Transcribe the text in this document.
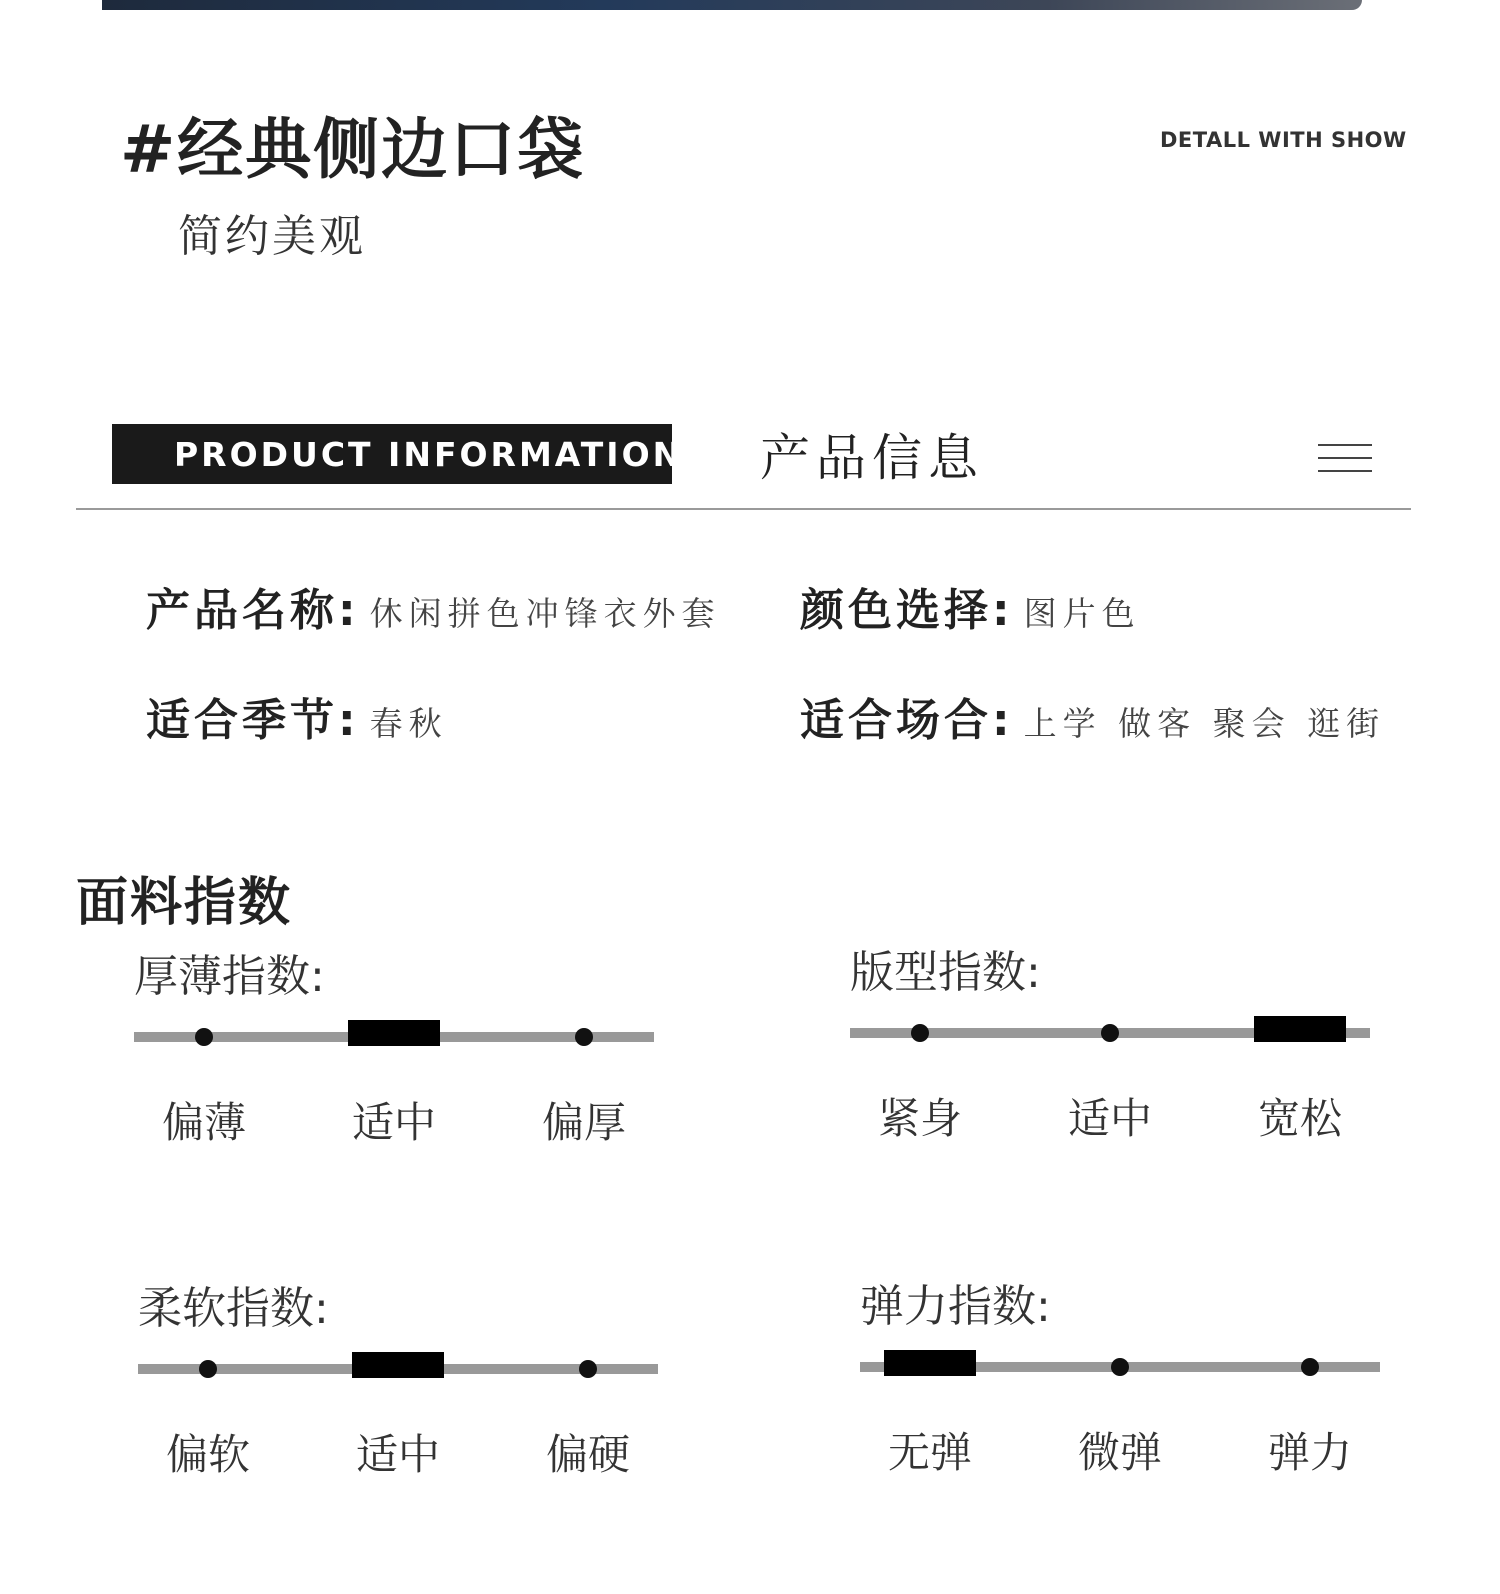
#经典侧边口袋
简约美观
DETALL WITH SHOW
PRODUCT INFORMATION 产品信息
产品名称: 休闲拼色冲锋衣外套 颜色选择: 图片色
适合季节: 春秋	适合场合: 上学 做客 聚会 逛街
面料指数
厚薄指数:
偏薄	适中	偏厚
版型指数:
紧身	适中	宽松
柔软指数:
偏软	适中	偏硬
弹力指数:
无弹	微弹	弹力
